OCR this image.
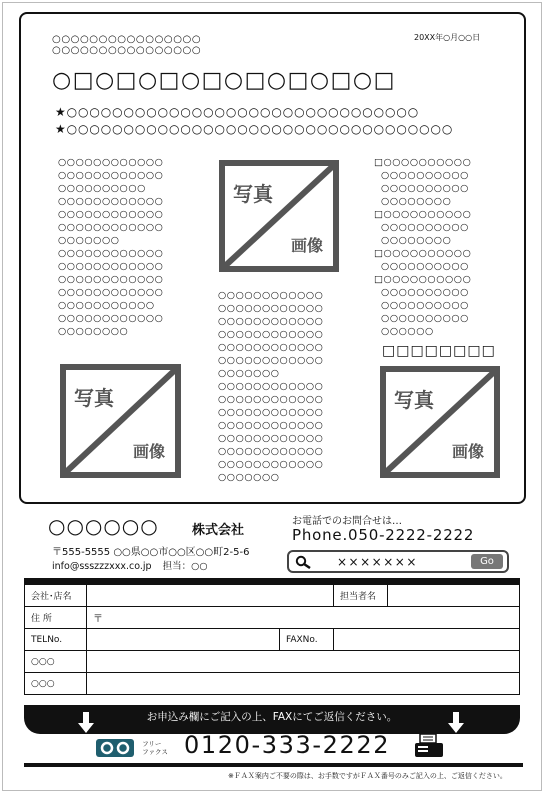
20XX年○月○○日
○○○○○○○○○○○○○○○○
○○○○○○○○○○○○○○○○
○□○□○□○□○□○□○□○□
★○○○○○○○○○○○○○○○○○○○○○○○○○○○○○○○
★○○○○○○○○○○○○○○○○○○○○○○○○○○○○○○○○○○
○○○○○○○○○○○○
○○○○○○○○○○○○
○○○○○○○○○○
○○○○○○○○○○○○
○○○○○○○○○○○○
○○○○○○○○○○○○
○○○○○○○
○○○○○○○○○○○○
○○○○○○○○○○○○
○○○○○○○○○○○○
○○○○○○○○○○○○
○○○○○○○○○○○
○○○○○○○○○○○○
○○○○○○○○
○○○○○○○○○○○○
○○○○○○○○○○○○
○○○○○○○○○○○○
○○○○○○○○○○○○
○○○○○○○○○○○○
○○○○○○○○○○○○
○○○○○○○
○○○○○○○○○○○○
○○○○○○○○○○○○
○○○○○○○○○○○○
○○○○○○○○○○○○
○○○○○○○○○○○○
○○○○○○○○○○○○
○○○○○○○○○○○○
○○○○○○○
□○○○○○○○○○○
○○○○○○○○○○
○○○○○○○○○○
○○○○○○○○
□○○○○○○○○○○
○○○○○○○○○○
○○○○○○○○
□○○○○○○○○○○
○○○○○○○○○○
□○○○○○○○○○○
○○○○○○○○○○
○○○○○○○○○○
○○○○○○○○○○
○○○○○○
□□□□□□□□
写真
画像
写真
画像
写真
画像
○○○○○○	株式会社
〒555-5555 ○○県○○市○○区○○町2-5-6
info@ssszzzxxx.co.jp 担当：○○
お電話でのお問合せは…
Phone.050-2222-2222
×××××××	Go
会社･店名			担当者名	
住 所	〒			
TELNo.		FAXNo.		
○○○				
○○○				
お申込み欄にご記入の上、FAXにてご返信ください。
フリー
ファクス 0120-333-2222
※ＦＡＸ案内ご不要の際は、お手数ですがＦＡＸ番号のみご記入の上、ご返信ください。
